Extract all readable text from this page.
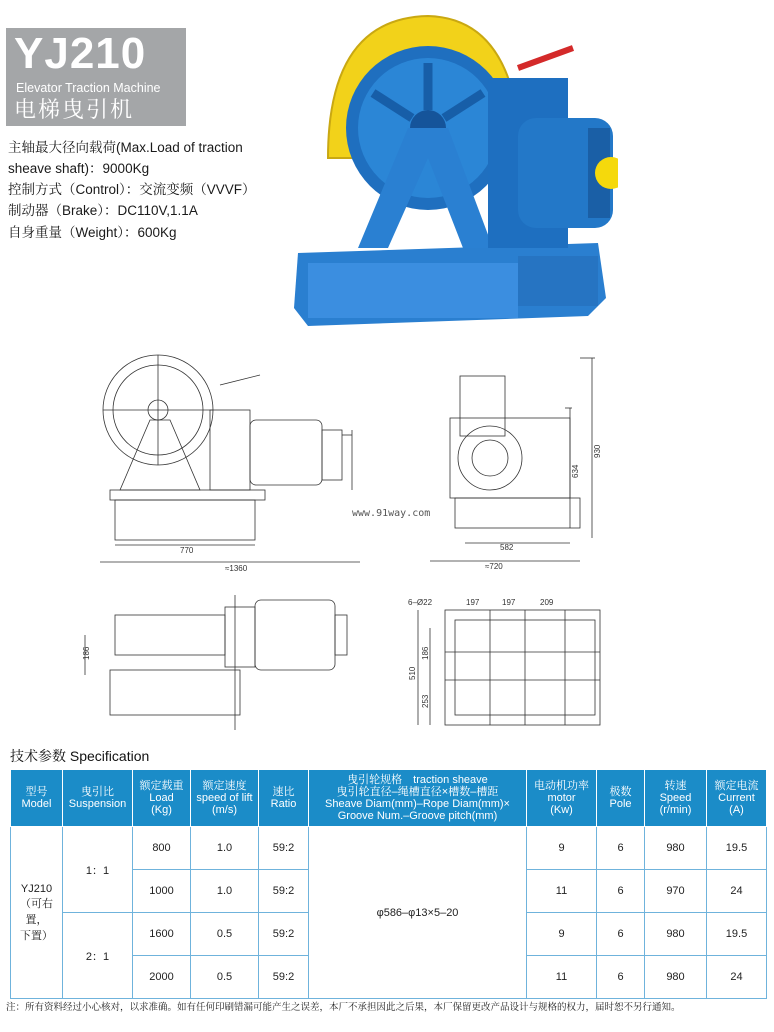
YJ210
Elevator Traction Machine
电梯曳引机
主轴最大径向载荷(Max.Load of traction
sheave shaft)：9000Kg
控制方式（Control）：交流变频（VVVF）
制动器（Brake）：DC110V,1.1A
自身重量（Weight）：600Kg
770
≈1360
582
≈720
930
634
186
6–Ø22	197	197	209
510
186
253
www.91way.com
技术参数 Specification
型号
Model	曳引比
Suspension	额定载重
Load
(Kg)	额定速度
speed of lift
(m/s)	速比
Ratio	曳引轮规格　traction sheave
曳引轮直径–绳槽直径×槽数–槽距
Sheave Diam(mm)–Rope Diam(mm)×
Groove Num.–Groove pitch(mm)	电动机功率
motor
(Kw)	极数
Pole	转速
Speed
(r/min)	额定电流
Current
(A)
YJ210
（可右置，
下置）	1：1	800	1.0	59:2	φ586–φ13×5–20	9	6	980	19.5
		1000	1.0	59:2		11	6	970	24
	2：1	1600	0.5	59:2		9	6	980	19.5
		2000	0.5	59:2		11	6	980	24
注：所有资料经过小心核对，以求准确。如有任何印刷错漏可能产生之误差，本厂不承担因此之后果，本厂保留更改产品设计与规格的权力，届时恕不另行通知。
